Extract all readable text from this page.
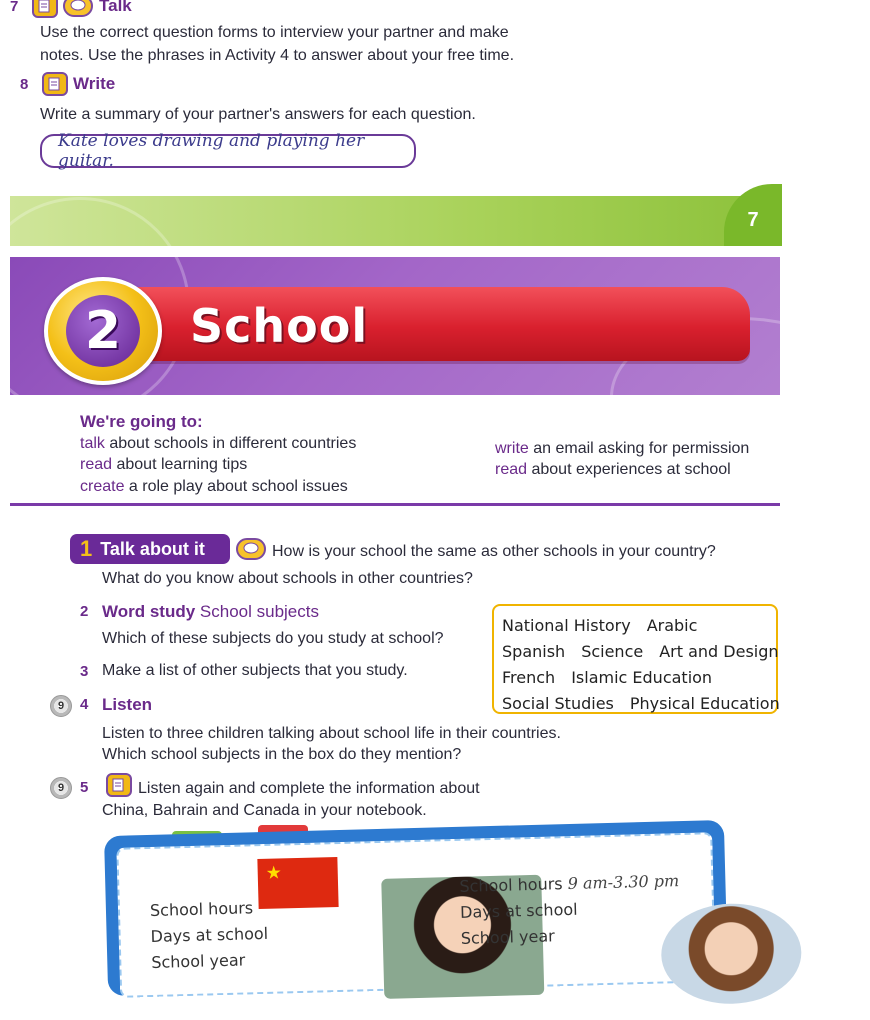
7	Talk
Use the correct question forms to interview your partner and make
notes. Use the phrases in Activity 4 to answer about your free time.
8	Write
Write a summary of your partner's answers for each question.
Kate loves drawing and playing her guitar.
7
School
2
We're going to:
talk about schools in different countries
read about learning tips
create a role play about school issues
write an email asking for permission
read about experiences at school
1 Talk about it	How is your school the same as other schools in your country?
What do you know about schools in other countries?
2 Word study School subjects
Which of these subjects do you study at school?
National History Arabic
Spanish Science Art and Design
French Islamic Education
Social Studies Physical Education
3 Make a list of other subjects that you study.
9	4 Listen
Listen to three children talking about school life in their countries.
Which school subjects in the box do they mention?
9	5	Listen again and complete the information about
China, Bahrain and Canada in your notebook.
School hours
Days at school
School year
School hours 9 am-3.30 pm
Days at school
School year
★
